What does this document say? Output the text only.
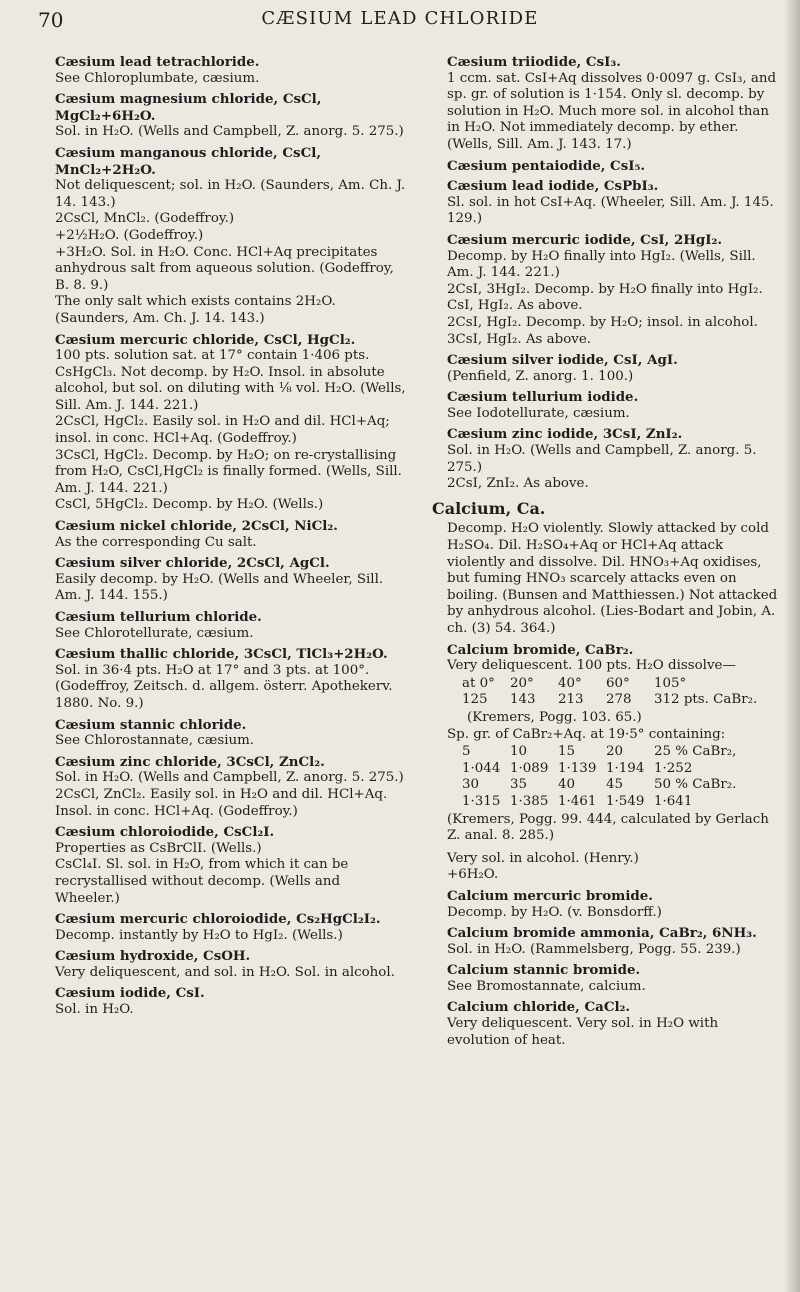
70	CÆSIUM LEAD CHLORIDE

Cæsium lead tetrachloride.

See Chloroplumbate, cæsium.

Cæsium magnesium chloride, CsCl, MgCl₂+6H₂O.

Sol. in H₂O. (Wells and Campbell, Z. anorg. 5. 275.)

Cæsium manganous chloride, CsCl, MnCl₂+2H₂O.

Not deliquescent; sol. in H₂O. (Saunders, Am. Ch. J. 14. 143.)

2CsCl, MnCl₂. (Godeffroy.)

+2½H₂O. (Godeffroy.)

+3H₂O. Sol. in H₂O. Conc. HCl+Aq precipitates anhydrous salt from aqueous solution. (Godeffroy, B. 8. 9.)

The only salt which exists contains 2H₂O. (Saunders, Am. Ch. J. 14. 143.)

Cæsium mercuric chloride, CsCl, HgCl₂.

100 pts. solution sat. at 17° contain 1·406 pts. CsHgCl₃. Not decomp. by H₂O. Insol. in absolute alcohol, but sol. on diluting with ⅛ vol. H₂O. (Wells, Sill. Am. J. 144. 221.)

2CsCl, HgCl₂. Easily sol. in H₂O and dil. HCl+Aq; insol. in conc. HCl+Aq. (Godeffroy.)

3CsCl, HgCl₂. Decomp. by H₂O; on re-crystallising from H₂O, CsCl,HgCl₂ is finally formed. (Wells, Sill. Am. J. 144. 221.)

CsCl, 5HgCl₂. Decomp. by H₂O. (Wells.)

Cæsium nickel chloride, 2CsCl, NiCl₂.

As the corresponding Cu salt.

Cæsium silver chloride, 2CsCl, AgCl.

Easily decomp. by H₂O. (Wells and Wheeler, Sill. Am. J. 144. 155.)

Cæsium tellurium chloride.

See Chlorotellurate, cæsium.

Cæsium thallic chloride, 3CsCl, TlCl₃+2H₂O.

Sol. in 36·4 pts. H₂O at 17° and 3 pts. at 100°. (Godeffroy, Zeitsch. d. allgem. österr. Apothekerv. 1880. No. 9.)

Cæsium stannic chloride.

See Chlorostannate, cæsium.

Cæsium zinc chloride, 3CsCl, ZnCl₂.

Sol. in H₂O. (Wells and Campbell, Z. anorg. 5. 275.)

2CsCl, ZnCl₂. Easily sol. in H₂O and dil. HCl+Aq. Insol. in conc. HCl+Aq. (Godeffroy.)

Cæsium chloroiodide, CsCl₂I.

Properties as CsBrClI. (Wells.)

CsCl₄I. Sl. sol. in H₂O, from which it can be recrystallised without decomp. (Wells and Wheeler.)

Cæsium mercuric chloroiodide, Cs₂HgCl₂I₂.

Decomp. instantly by H₂O to HgI₂. (Wells.)

Cæsium hydroxide, CsOH.

Very deliquescent, and sol. in H₂O. Sol. in alcohol.

Cæsium iodide, CsI.

Sol. in H₂O.

Cæsium triiodide, CsI₃.

1 ccm. sat. CsI+Aq dissolves 0·0097 g. CsI₃, and sp. gr. of solution is 1·154. Only sl. decomp. by solution in H₂O. Much more sol. in alcohol than in H₂O. Not immediately decomp. by ether. (Wells, Sill. Am. J. 143. 17.)

Cæsium pentaiodide, CsI₅.

Cæsium lead iodide, CsPbI₃.

Sl. sol. in hot CsI+Aq. (Wheeler, Sill. Am. J. 145. 129.)

Cæsium mercuric iodide, CsI, 2HgI₂.

Decomp. by H₂O finally into HgI₂. (Wells, Sill. Am. J. 144. 221.)

2CsI, 3HgI₂. Decomp. by H₂O finally into HgI₂.

CsI, HgI₂. As above.

2CsI, HgI₂. Decomp. by H₂O; insol. in alcohol.

3CsI, HgI₂. As above.

Cæsium silver iodide, CsI, AgI.

(Penfield, Z. anorg. 1. 100.)

Cæsium tellurium iodide.

See Iodotellurate, cæsium.

Cæsium zinc iodide, 3CsI, ZnI₂.

Sol. in H₂O. (Wells and Campbell, Z. anorg. 5. 275.)

2CsI, ZnI₂. As above.

Calcium, Ca.

Decomp. H₂O violently. Slowly attacked by cold H₂SO₄. Dil. H₂SO₄+Aq or HCl+Aq attack violently and dissolve. Dil. HNO₃+Aq oxidises, but fuming HNO₃ scarcely attacks even on boiling. (Bunsen and Matthiessen.) Not attacked by anhydrous alcohol. (Lies-Bodart and Jobin, A. ch. (3) 54. 364.)

Calcium bromide, CaBr₂.

Very deliquescent. 100 pts. H₂O dissolve—

at 0°	20°	40°	60°	105°
125	143	213	278	312 pts. CaBr₂.

(Kremers, Pogg. 103. 65.)

Sp. gr. of CaBr₂+Aq. at 19·5° containing:

5	10	15	20	25 % CaBr₂,
1·044 1·089 1·139 1·194 1·252
30	35	40	45	50 % CaBr₂.
1·315 1·385 1·461 1·549 1·641

(Kremers, Pogg. 99. 444, calculated by Gerlach Z. anal. 8. 285.)

Very sol. in alcohol. (Henry.)

+6H₂O.

Calcium mercuric bromide.

Decomp. by H₂O. (v. Bonsdorff.)

Calcium bromide ammonia, CaBr₂, 6NH₃.

Sol. in H₂O. (Rammelsberg, Pogg. 55. 239.)

Calcium stannic bromide.

See Bromostannate, calcium.

Calcium chloride, CaCl₂.

Very deliquescent. Very sol. in H₂O with evolution of heat.
